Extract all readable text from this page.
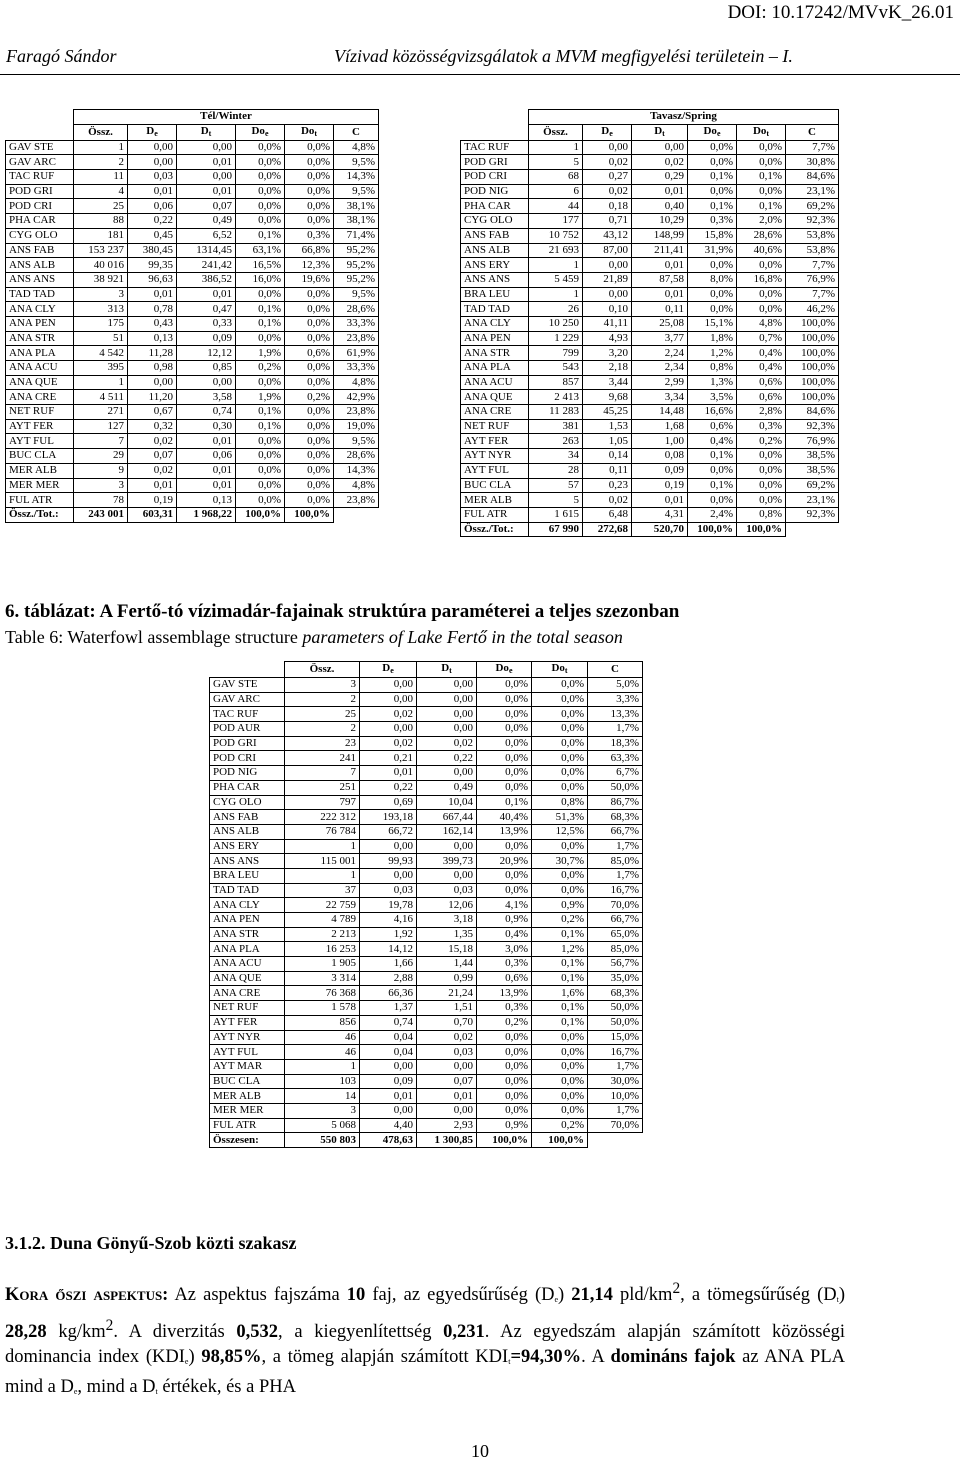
DOI: 10.17242/MVvK_26.01
Faragó Sándor	Vízivad közösségvizsgálatok a MVM megfigyelési területein – I.
	Tél/Winter					
	Össz.	$D_e$	$D_t$	$Do_e$	$Do_t$	C
GAV STE	1	0,00	0,00	0,0%	0,0%	4,8%
GAV ARC	2	0,00	0,01	0,0%	0,0%	9,5%
TAC RUF	11	0,03	0,00	0,0%	0,0%	14,3%
POD GRI	4	0,01	0,01	0,0%	0,0%	9,5%
POD CRI	25	0,06	0,07	0,0%	0,0%	38,1%
PHA CAR	88	0,22	0,49	0,0%	0,0%	38,1%
CYG OLO	181	0,45	6,52	0,1%	0,3%	71,4%
ANS FAB	153 237	380,45	1314,45	63,1%	66,8%	95,2%
ANS ALB	40 016	99,35	241,42	16,5%	12,3%	95,2%
ANS ANS	38 921	96,63	386,52	16,0%	19,6%	95,2%
TAD TAD	3	0,01	0,01	0,0%	0,0%	9,5%
ANA CLY	313	0,78	0,47	0,1%	0,0%	28,6%
ANA PEN	175	0,43	0,33	0,1%	0,0%	33,3%
ANA STR	51	0,13	0,09	0,0%	0,0%	23,8%
ANA PLA	4 542	11,28	12,12	1,9%	0,6%	61,9%
ANA ACU	395	0,98	0,85	0,2%	0,0%	33,3%
ANA QUE	1	0,00	0,00	0,0%	0,0%	4,8%
ANA CRE	4 511	11,20	3,58	1,9%	0,2%	42,9%
NET RUF	271	0,67	0,74	0,1%	0,0%	23,8%
AYT FER	127	0,32	0,30	0,1%	0,0%	19,0%
AYT FUL	7	0,02	0,01	0,0%	0,0%	9,5%
BUC CLA	29	0,07	0,06	0,0%	0,0%	28,6%
MER ALB	9	0,02	0,01	0,0%	0,0%	14,3%
MER MER	3	0,01	0,01	0,0%	0,0%	4,8%
FUL ATR	78	0,19	0,13	0,0%	0,0%	23,8%
Össz./Tot.:	243 001	603,31	1 968,22	100,0%	100,0%	
	Tavasz/Spring					
	Össz.	$D_e$	$D_t$	$Do_e$	$Do_t$	C
TAC RUF	1	0,00	0,00	0,0%	0,0%	7,7%
POD GRI	5	0,02	0,02	0,0%	0,0%	30,8%
POD CRI	68	0,27	0,29	0,1%	0,1%	84,6%
POD NIG	6	0,02	0,01	0,0%	0,0%	23,1%
PHA CAR	44	0,18	0,40	0,1%	0,1%	69,2%
CYG OLO	177	0,71	10,29	0,3%	2,0%	92,3%
ANS FAB	10 752	43,12	148,99	15,8%	28,6%	53,8%
ANS ALB	21 693	87,00	211,41	31,9%	40,6%	53,8%
ANS ERY	1	0,00	0,01	0,0%	0,0%	7,7%
ANS ANS	5 459	21,89	87,58	8,0%	16,8%	76,9%
BRA LEU	1	0,00	0,01	0,0%	0,0%	7,7%
TAD TAD	26	0,10	0,11	0,0%	0,0%	46,2%
ANA CLY	10 250	41,11	25,08	15,1%	4,8%	100,0%
ANA PEN	1 229	4,93	3,77	1,8%	0,7%	100,0%
ANA STR	799	3,20	2,24	1,2%	0,4%	100,0%
ANA PLA	543	2,18	2,34	0,8%	0,4%	100,0%
ANA ACU	857	3,44	2,99	1,3%	0,6%	100,0%
ANA QUE	2 413	9,68	3,34	3,5%	0,6%	100,0%
ANA CRE	11 283	45,25	14,48	16,6%	2,8%	84,6%
NET RUF	381	1,53	1,68	0,6%	0,3%	92,3%
AYT FER	263	1,05	1,00	0,4%	0,2%	76,9%
AYT NYR	34	0,14	0,08	0,1%	0,0%	38,5%
AYT FUL	28	0,11	0,09	0,0%	0,0%	38,5%
BUC CLA	57	0,23	0,19	0,1%	0,0%	69,2%
MER ALB	5	0,02	0,01	0,0%	0,0%	23,1%
FUL ATR	1 615	6,48	4,31	2,4%	0,8%	92,3%
Össz./Tot.:	67 990	272,68	520,70	100,0%	100,0%	
6. táblázat: A Fertő-tó vízimadár-fajainak struktúra paraméterei a teljes szezonban
Table 6: Waterfowl assemblage structure parameters of Lake Fertő in the total season
	Össz.	$D_e$	$D_t$	$Do_e$	$Do_t$	C
GAV STE	3	0,00	0,00	0,0%	0,0%	5,0%
GAV ARC	2	0,00	0,00	0,0%	0,0%	3,3%
TAC RUF	25	0,02	0,00	0,0%	0,0%	13,3%
POD AUR	2	0,00	0,00	0,0%	0,0%	1,7%
POD GRI	23	0,02	0,02	0,0%	0,0%	18,3%
POD CRI	241	0,21	0,22	0,0%	0,0%	63,3%
POD NIG	7	0,01	0,00	0,0%	0,0%	6,7%
PHA CAR	251	0,22	0,49	0,0%	0,0%	50,0%
CYG OLO	797	0,69	10,04	0,1%	0,8%	86,7%
ANS FAB	222 312	193,18	667,44	40,4%	51,3%	68,3%
ANS ALB	76 784	66,72	162,14	13,9%	12,5%	66,7%
ANS ERY	1	0,00	0,00	0,0%	0,0%	1,7%
ANS ANS	115 001	99,93	399,73	20,9%	30,7%	85,0%
BRA LEU	1	0,00	0,00	0,0%	0,0%	1,7%
TAD TAD	37	0,03	0,03	0,0%	0,0%	16,7%
ANA CLY	22 759	19,78	12,06	4,1%	0,9%	70,0%
ANA PEN	4 789	4,16	3,18	0,9%	0,2%	66,7%
ANA STR	2 213	1,92	1,35	0,4%	0,1%	65,0%
ANA PLA	16 253	14,12	15,18	3,0%	1,2%	85,0%
ANA ACU	1 905	1,66	1,44	0,3%	0,1%	56,7%
ANA QUE	3 314	2,88	0,99	0,6%	0,1%	35,0%
ANA CRE	76 368	66,36	21,24	13,9%	1,6%	68,3%
NET RUF	1 578	1,37	1,51	0,3%	0,1%	50,0%
AYT FER	856	0,74	0,70	0,2%	0,1%	50,0%
AYT NYR	46	0,04	0,02	0,0%	0,0%	15,0%
AYT FUL	46	0,04	0,03	0,0%	0,0%	16,7%
AYT MAR	1	0,00	0,00	0,0%	0,0%	1,7%
BUC CLA	103	0,09	0,07	0,0%	0,0%	30,0%
MER ALB	14	0,01	0,01	0,0%	0,0%	10,0%
MER MER	3	0,00	0,00	0,0%	0,0%	1,7%
FUL ATR	5 068	4,40	2,93	0,9%	0,2%	70,0%
Összesen:	550 803	478,63	1 300,85	100,0%	100,0%	
3.1.2. Duna Gönyű-Szob közti szakasz
Kora őszi aspektus: Az aspektus fajszáma 10 faj, az egyedsűrűség $(D_e)$ 21,14 pld/$km^2$, a tömegsűrűség $(D_t)$ 28,28 $kg/km^2$. A diverzitás 0,532, a kiegyenlítettség 0,231. Az egyedszám alapján számított közösségi dominancia index $(KDI_e)$ 98,85%, a tömeg alapján számított $KDI_t=94,30\%$. A domináns fajok az ANA PLA mind a $D_e$, mind a $D_t$ értékek, és a PHA
10
